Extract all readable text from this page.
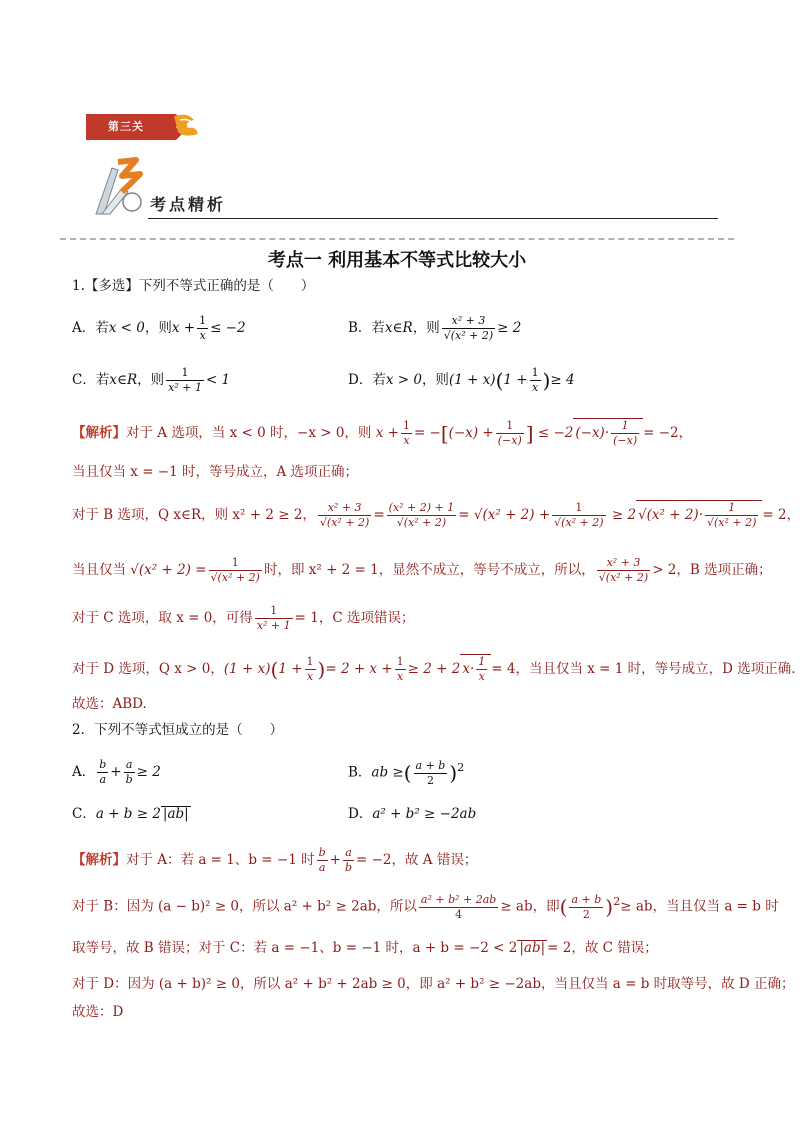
第三关
考点精析
考点一 利用基本不等式比较大小
1.【多选】下列不等式正确的是（　　）
A．若x < 0，则$x + \frac{1}{x} \le -2$	B．若x∈R，则 $\frac{\text{x² + 3}}{\text{√(x² + 2)}} \ge 2$
C．若x∈R，则 $\frac{1}{\text{x² + 1}} < 1$	D．若x > 0，则$(1 + x)(1 + \frac{1}{x}$ )≥ 4
【解析】对于 A 选项，当 x < 0 时，−x > 0，则 $x + \frac{1}{x} = -[(-x) + \frac{1}{(-x)}$ ] ≤ −2 $(-x)\cdot \frac{1}{(-x)} = -2$，
当且仅当 x = −1 时，等号成立，A 选项正确；
对于 B 选项，Q x∈R，则 x² + 2 ≥ 2， $\frac{\text{x² + 3}}{\text{√(x² + 2)}} = \frac{\text{(x² + 2) + 1}}{\text{√(x² + 2)}} = √(x^2 + 2) + \frac{1}{\text{√(x² + 2)}} \ge 2$ $√(x^2 + 2)\cdot \frac{1}{\text{√(x² + 2)}} = 2$，
当且仅当 $√(x^2 + 2) = \frac{1}{\text{√(x² + 2)}}$ 时，即 x² + 2 = 1，显然不成立，等号不成立，所以， $\frac{\text{x² + 3}}{\text{√(x² + 2)}} > 2$，B 选项正确；
对于 C 选项，取 x = 0，可得 $\frac{1}{\text{x² + 1}} = 1$，C 选项错误；
对于 D 选项，Q x > 0，$(1 + x)(1 + \frac{1}{x}$ )= $2 + x + \frac{1}{x} \ge 2 + 2$ $x\cdot \frac{1}{x} = 4$，当且仅当 x = 1 时，等号成立，D 选项正确.
故选：ABD.
2．下列不等式恒成立的是（　　）
A． $\frac{b}{a} + \frac{a}{b} \ge 2$	B．ab ≥( $\frac{a + b}{2} )^2$
C．a + b ≥ 2 |ab|	D．a² + b² ≥ −2ab
【解析】对于 A：若 a = 1、b = −1 时 $\frac{b}{a} + \frac{a}{b} = -2$，故 A 错误；
对于 B：因为 (a − b)² ≥ 0，所以 a² + b² ≥ 2ab，所以 $\frac{\text{a² + b² + 2ab}}{4}$ ≥ ab，即( $\frac{a + b}{2} )^2\ge$ ab，当且仅当 a = b 时
取等号，故 B 错误；对于 C：若 a = −1、b = −1 时，a + b = −2 < 2 |ab| = 2，故 C 错误；
对于 D：因为 (a + b)² ≥ 0，所以 a² + b² + 2ab ≥ 0，即 a² + b² ≥ −2ab，当且仅当 a = b 时取等号，故 D 正确；
故选：D
